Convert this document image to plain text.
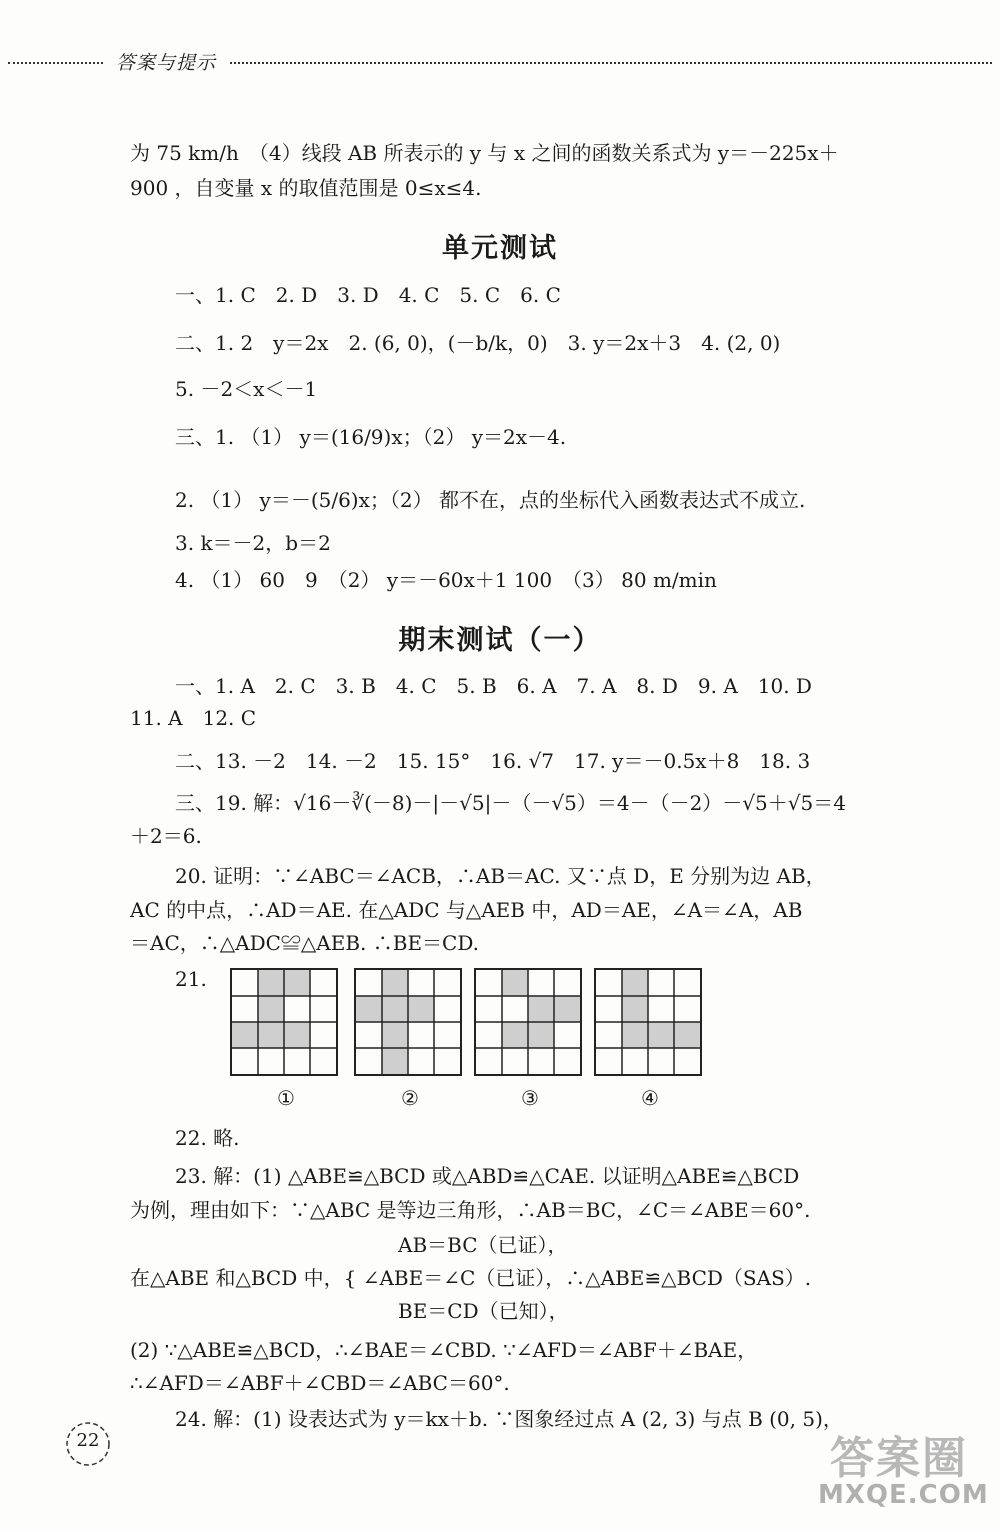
答案与提示
为 75 km/h　（4）线段 AB 所表示的 y 与 x 之间的函数关系式为 y＝－225x＋
900 ，自变量 x 的取值范围是 0≤x≤4.
单元测试
一、1. C　2. D　3. D　4. C　5. C　6. C
二、1. 2　y＝2x　2. (6, 0)，(－b/k，0)　3. y＝2x＋3　4. (2, 0)
5. －2＜x＜－1
三、1. （1） y＝(16/9)x；（2） y＝2x－4.
2. （1） y＝－(5/6)x；（2） 都不在，点的坐标代入函数表达式不成立.
3. k＝－2，b＝2
4. （1） 60　9　（2） y＝－60x＋1 100　（3） 80 m/min
期末测试（一）
一、1. A　2. C　3. B　4. C　5. B　6. A　7. A　8. D　9. A　10. D
11. A　12. C
二、13. －2　14. －2　15. 15°　16. √7　17. y＝－0.5x＋8　18. 3
三、19. 解：√16－∛(－8)－|－√5|－（－√5）＝4－（－2）－√5＋√5＝4
＋2＝6.
20. 证明：∵∠ABC＝∠ACB，∴AB＝AC. 又∵点 D，E 分别为边 AB，
AC 的中点，∴AD＝AE. 在△ADC 与△AEB 中，AD＝AE，∠A＝∠A，AB
＝AC，∴△ADC≌△AEB. ∴BE＝CD.
21.
①	②	③	④
22. 略.
23. 解：(1) △ABE≌△BCD 或△ABD≌△CAE. 以证明△ABE≌△BCD
为例，理由如下：∵△ABC 是等边三角形，∴AB＝BC，∠C＝∠ABE＝60°.
AB＝BC（已证），
在△ABE 和△BCD 中，{ ∠ABE＝∠C（已证），∴△ABE≌△BCD（SAS）.
BE＝CD（已知），
(2) ∵△ABE≌△BCD，∴∠BAE＝∠CBD. ∵∠AFD＝∠ABF＋∠BAE，
∴∠AFD＝∠ABF＋∠CBD＝∠ABC＝60°.
24. 解：(1) 设表达式为 y＝kx＋b. ∵图象经过点 A (2, 3) 与点 B (0, 5)，
22	答案圈
MXQE.COM
